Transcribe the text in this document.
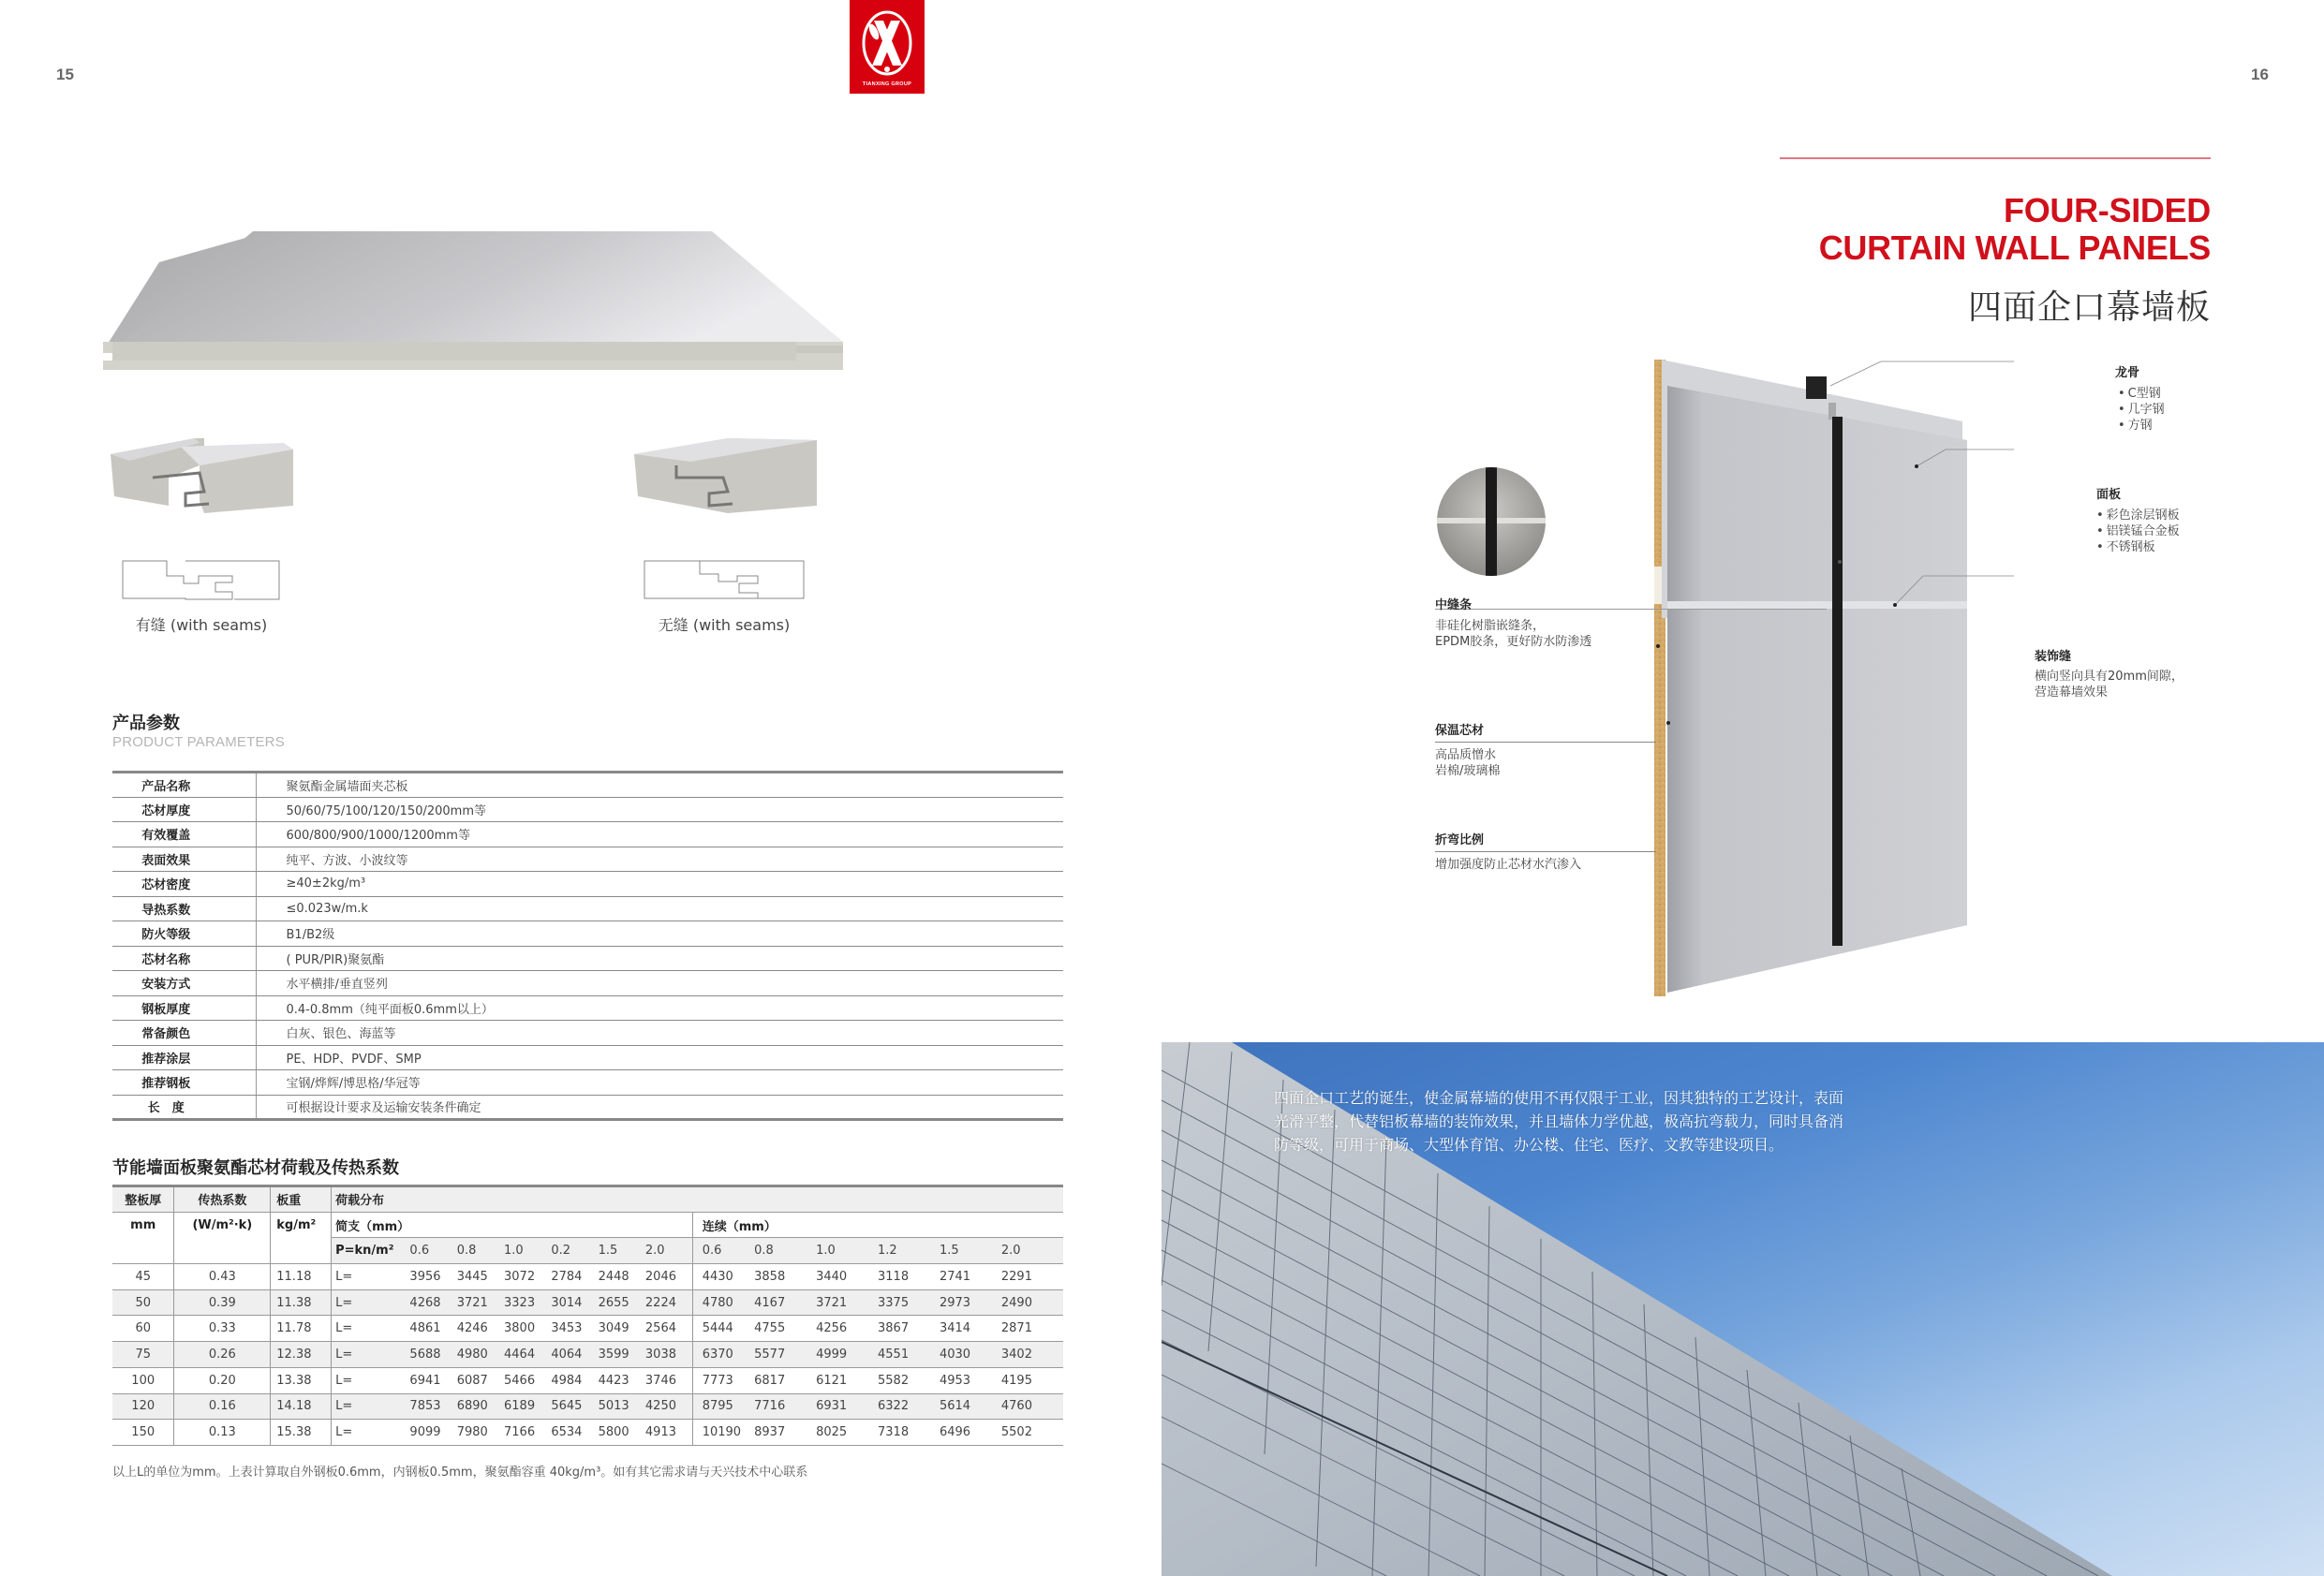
15
TIANXING GROUP
有缝 (with seams)	无缝 (with seams)
产品参数
PRODUCT PARAMETERS
产品名称	聚氨酯金属墙面夹芯板
芯材厚度	50/60/75/100/120/150/200mm等
有效覆盖	600/800/900/1000/1200mm等
表面效果	纯平、方波、小波纹等
芯材密度	≥40±2kg/m³
导热系数	≤0.023w/m.k
防火等级	B1/B2级
芯材名称	( PUR/PIR)聚氨酯
安装方式	水平横排/垂直竖列
钢板厚度	0.4-0.8mm（纯平面板0.6mm以上）
常备颜色	白灰、银色、海蓝等
推荐涂层	PE、HDP、PVDF、SMP
推荐钢板	宝钢/烨辉/博思格/华冠等
长　度	可根据设计要求及运输安装条件确定
节能墙面板聚氨酯芯材荷载及传热系数
整板厚	传热系数	板重	荷载分布												
mm	(W/m²·k)	kg/m²	简支（mm）							连续（mm）					
			P=kn/m²	0.6	0.8	1.0	0.2	1.5	2.0	0.6	0.8	1.0	1.2	1.5	2.0
45	0.43	11.18	L=	3956	3445	3072	2784	2448	2046	4430	3858	3440	3118	2741	2291
50	0.39	11.38	L=	4268	3721	3323	3014	2655	2224	4780	4167	3721	3375	2973	2490
60	0.33	11.78	L=	4861	4246	3800	3453	3049	2564	5444	4755	4256	3867	3414	2871
75	0.26	12.38	L=	5688	4980	4464	4064	3599	3038	6370	5577	4999	4551	4030	3402
100	0.20	13.38	L=	6941	6087	5466	4984	4423	3746	7773	6817	6121	5582	4953	4195
120	0.16	14.18	L=	7853	6890	6189	5645	5013	4250	8795	7716	6931	6322	5614	4760
150	0.13	15.38	L=	9099	7980	7166	6534	5800	4913	10190	8937	8025	7318	6496	5502
以上L的单位为mm。上表计算取自外钢板0.6mm，内钢板0.5mm，聚氨酯容重 40kg/m³。如有其它需求请与天兴技术中心联系
16
FOUR-SIDED
CURTAIN WALL PANELS
四面企口幕墙板
龙骨
• C型钢
• 几字钢
• 方钢
面板
• 彩色涂层钢板
• 铝镁锰合金板
• 不锈钢板
装饰缝
横向竖向具有20mm间隙，
营造幕墙效果
中缝条
非硅化树脂嵌缝条，
EPDM胶条，更好防水防渗透
保温芯材
高品质憎水
岩棉/玻璃棉
折弯比例
增加强度防止芯材水汽渗入
四面企口工艺的诞生，使金属幕墙的使用不再仅限于工业，因其独特的工艺设计，表面光滑平整，代替铝板幕墙的装饰效果，并且墙体力学优越，极高抗弯载力，同时具备消防等级，可用于商场、大型体育馆、办公楼、住宅、医疗、文教等建设项目。
